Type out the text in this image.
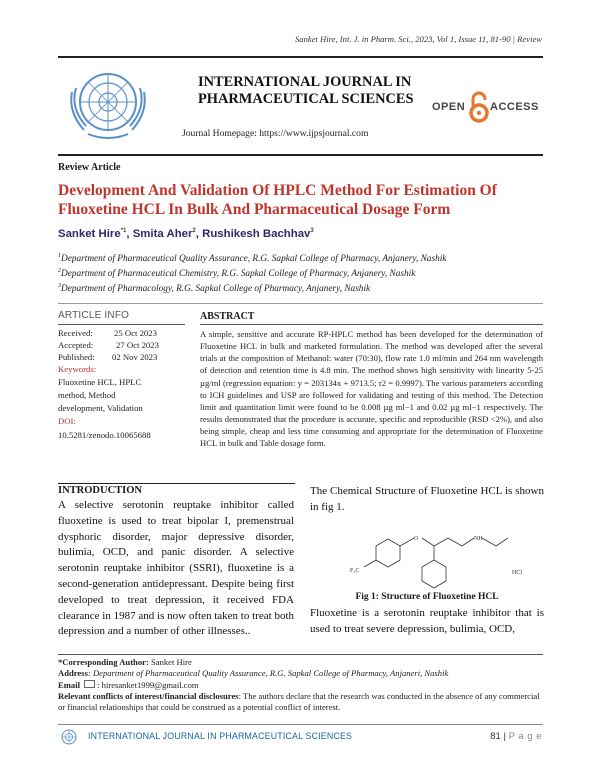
Sanket Hire, Int. J. in Pharm. Sci., 2023, Vol 1, Issue 11, 81-90 | Review
INTERNATIONAL JOURNAL IN PHARMACEUTICAL SCIENCES
Journal Homepage: https://www.ijpsjournal.com
OPEN ACCESS
Review Article
Development And Validation Of HPLC Method For Estimation Of Fluoxetine HCL In Bulk And Pharmaceutical Dosage Form
Sanket Hire$^{*1}$, Smita Aher$^2$, Rushikesh Bachhav$^3$
$^1$Department of Pharmaceutical Quality Assurance, R.G. Sapkal College of Pharmacy, Anjanery, Nashik
$^2$Department of Pharmaceutical Chemistry, R.G. Sapkal College of Pharmacy, Anjanery, Nashik
$^3$Department of Pharmacology, R.G. Sapkal College of Pharmacy, Anjanery, Nashik
ARTICLE INFO
Received: 25 Oct 2023
Accepted:	27 Oct 2023
Published: 02 Nov 2023
Keywords:
Fluoxetine HCL, HPLC
method, Method
development, Validation
DOI:
10.5281/zenodo.10065688
ABSTRACT
A simple, sensitive and accurate RP-HPLC method has been developed for the determination of Fluoxetine HCL in bulk and marketed formulation. The method was developed after the several trials at the composition of Methanol: water (70:30), flow rate 1.0 ml/min and 264 nm wavelength of detection and retention time is 4.8 min. The method shows high sensitivity with linearity 5-25 µg/ml (regression equation: y = 203134x + 9713.5; r2 = 0.9997). The various parameters according to ICH guidelines and USP are followed for validating and testing of this method. The Detection limit and quantitation limit were found to be 0.008 µg ml−1 and 0.02 µg ml−1 respectively. The results demonstrated that the procedure is accurate, specific and reproducible (RSD <2%), and also being simple, cheap and less time consuming and appropriate for the determination of Fluoxetine HCL in bulk and Table dosage form.
INTRODUCTION
A selective serotonin reuptake inhibitor called fluoxetine is used to treat bipolar I, premenstrual dysphoric disorder, major depressive disorder, bulimia, OCD, and panic disorder. A selective serotonin reuptake inhibitor (SSRI), fluoxetine is a second-generation antidepressant. Despite being first developed to treat depression, it received FDA clearance in 1987 and is now often taken to treat both depression and a number of other illnesses..
The Chemical Structure of Fluoxetine HCL is shown in fig 1.
O	NH
F₃C	HCl
Fig 1: Structure of Fluoxetine HCL
Fluoxetine is a serotonin reuptake inhibitor that is used to treat severe depression, bulimia, OCD,
*Corresponding Author: Sanket Hire
Address: Department of Pharmaceutical Quality Assurance, R.G. Sapkal College of Pharmacy, Anjaneri, Nashik
Email : hiresanket1999@gmail.com
Relevant conflicts of interest/financial disclosures: The authors declare that the research was conducted in the absence of any commercial or financial relationships that could be construed as a potential conflict of interest.
INTERNATIONAL JOURNAL IN PHARMACEUTICAL SCIENCES	81 | P a g e
